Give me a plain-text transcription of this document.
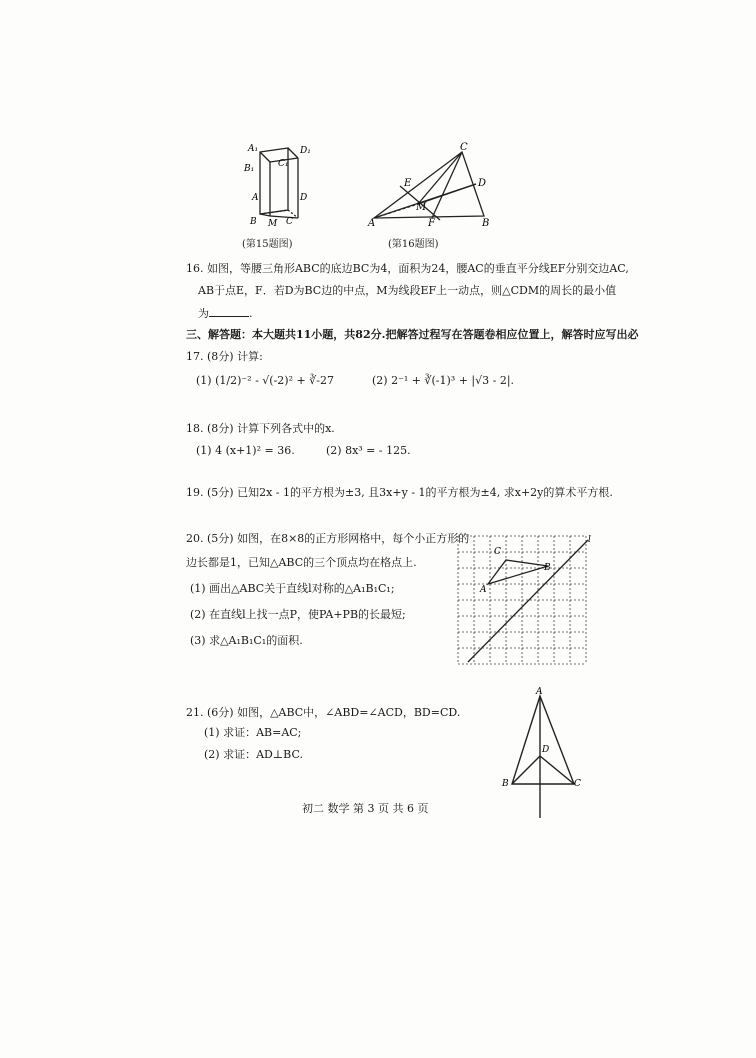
A₁	D₁
B₁	C₁
A	D
B M C
(第15题图)
C
E	D
M
A	F	B
(第16题图)
16. 如图，等腰三角形ABC的底边BC为4，面积为24，腰AC的垂直平分线EF分别交边AC,
AB于点E，F．若D为BC边的中点，M为线段EF上一动点，则△CDM的周长的最小值
为	.
三、解答题：本大题共11小题，共82分.把解答过程写在答题卷相应位置上，解答时应写出必
17. (8分) 计算:
(1) (1/2)⁻² - √(-2)² + ∛-27	(2) 2⁻¹ + ∛(-1)³ + |√3 - 2|.
18. (8分) 计算下列各式中的x.
(1) 4 (x+1)² = 36.	(2) 8x³ = - 125.
19. (5分) 已知2x - 1的平方根为±3, 且3x+y - 1的平方根为±4, 求x+2y的算术平方根.
20. (5分) 如图，在8×8的正方形网格中，每个小正方形的
边长都是1，已知△ABC的三个顶点均在格点上.
(1) 画出△ABC关于直线l对称的△A₁B₁C₁;
(2) 在直线l上找一点P，使PA+PB的长最短;
(3) 求△A₁B₁C₁的面积.
C
B
A
l
21. (6分) 如图，△ABC中，∠ABD=∠ACD，BD=CD.
(1) 求证：AB=AC;
(2) 求证：AD⊥BC.
A
D
B	C
初二 数学 第 3 页 共 6 页
